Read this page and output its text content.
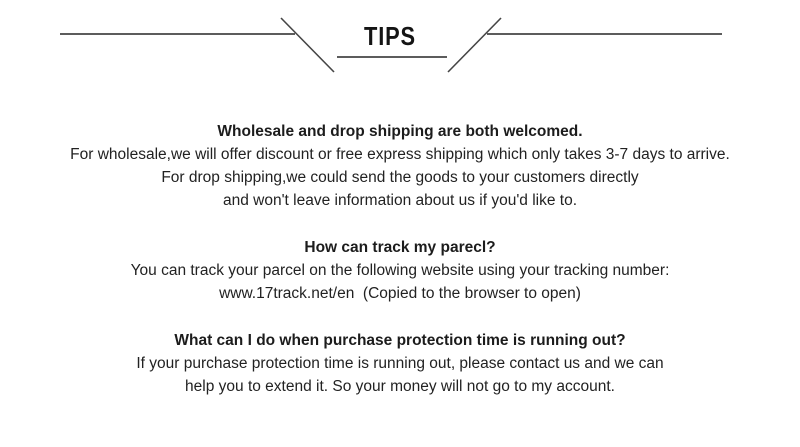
TIPS
Wholesale and drop shipping are both welcomed.
For wholesale,we will offer discount or free express shipping which only takes 3-7 days to arrive.
For drop shipping,we could send the goods to your customers directly
and won't leave information about us if you'd like to.
How can track my parecl?
You can track your parcel on the following website using your tracking number:
www.17track.net/en  (Copied to the browser to open)
What can I do when purchase protection time is running out?
If your purchase protection time is running out, please contact us and we can
help you to extend it. So your money will not go to my account.
